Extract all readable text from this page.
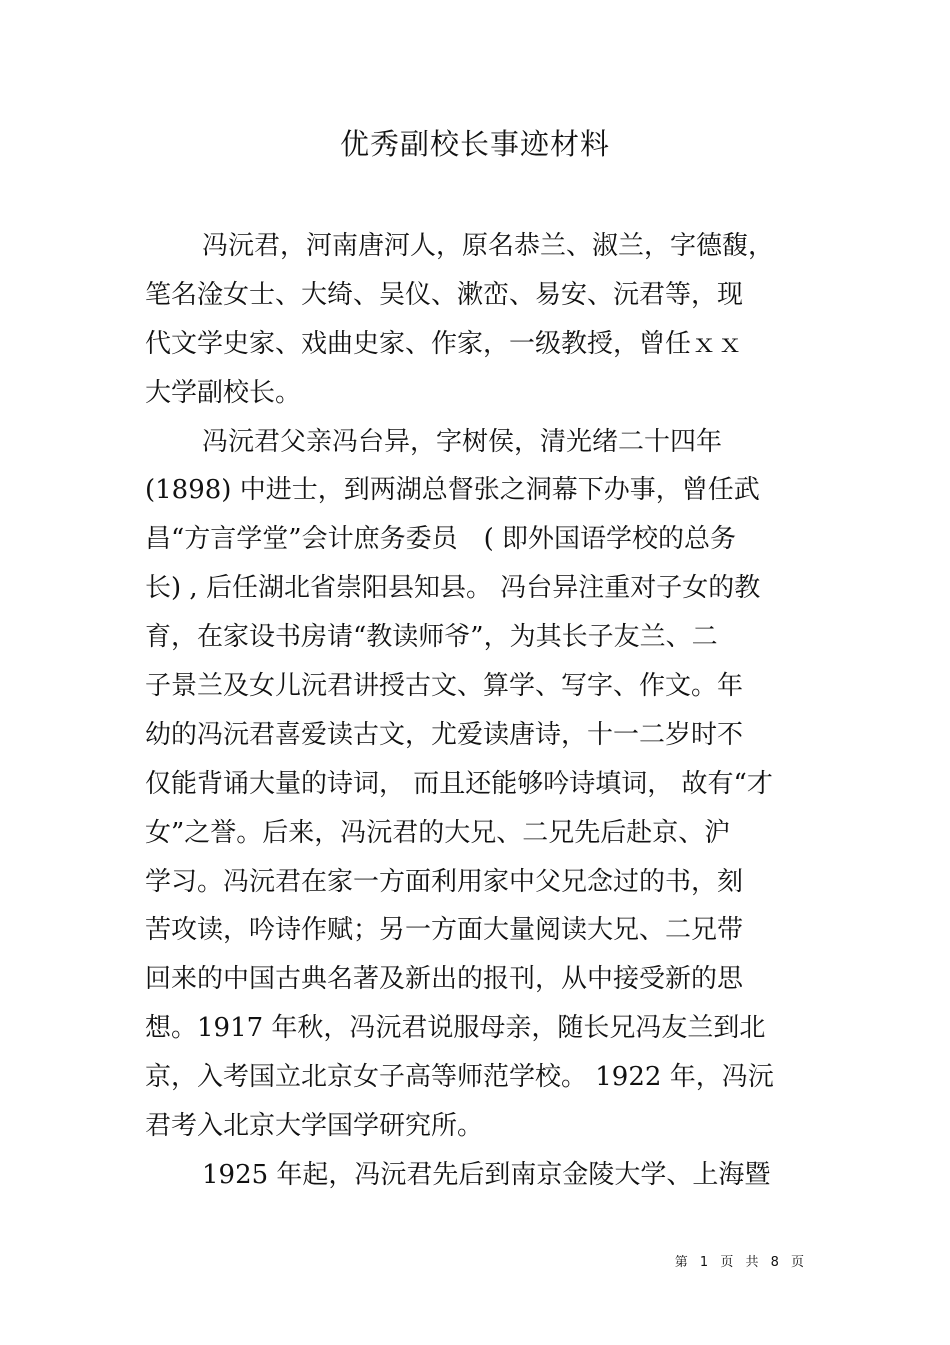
优秀副校长事迹材料
冯沅君，河南唐河人，原名恭兰、淑兰，字德馥，
笔名淦女士、大绮、吴仪、漱峦、易安、沅君等，现
代文学史家、戏曲史家、作家，一级教授，曾任ｘｘ
大学副校长。
冯沅君父亲冯台异，字树侯，清光绪二十四年
(1898) 中进士，到两湖总督张之洞幕下办事，曾任武
昌“方言学堂”会计庶务委员　( 即外国语学校的总务
长) , 后任湖北省崇阳县知县。 冯台异注重对子女的教
育，在家设书房请“教读师爷”，为其长子友兰、二
子景兰及女儿沅君讲授古文、算学、写字、作文。年
幼的冯沅君喜爱读古文，尤爱读唐诗，十一二岁时不
仅能背诵大量的诗词， 而且还能够吟诗填词， 故有“才
女”之誉。后来，冯沅君的大兄、二兄先后赴京、沪
学习。冯沅君在家一方面利用家中父兄念过的书，刻
苦攻读，吟诗作赋；另一方面大量阅读大兄、二兄带
回来的中国古典名著及新出的报刊，从中接受新的思
想。1917 年秋，冯沅君说服母亲，随长兄冯友兰到北
京，入考国立北京女子高等师范学校。 1922 年，冯沅
君考入北京大学国学研究所。
1925 年起，冯沅君先后到南京金陵大学、上海暨
第 1 页 共 8 页
